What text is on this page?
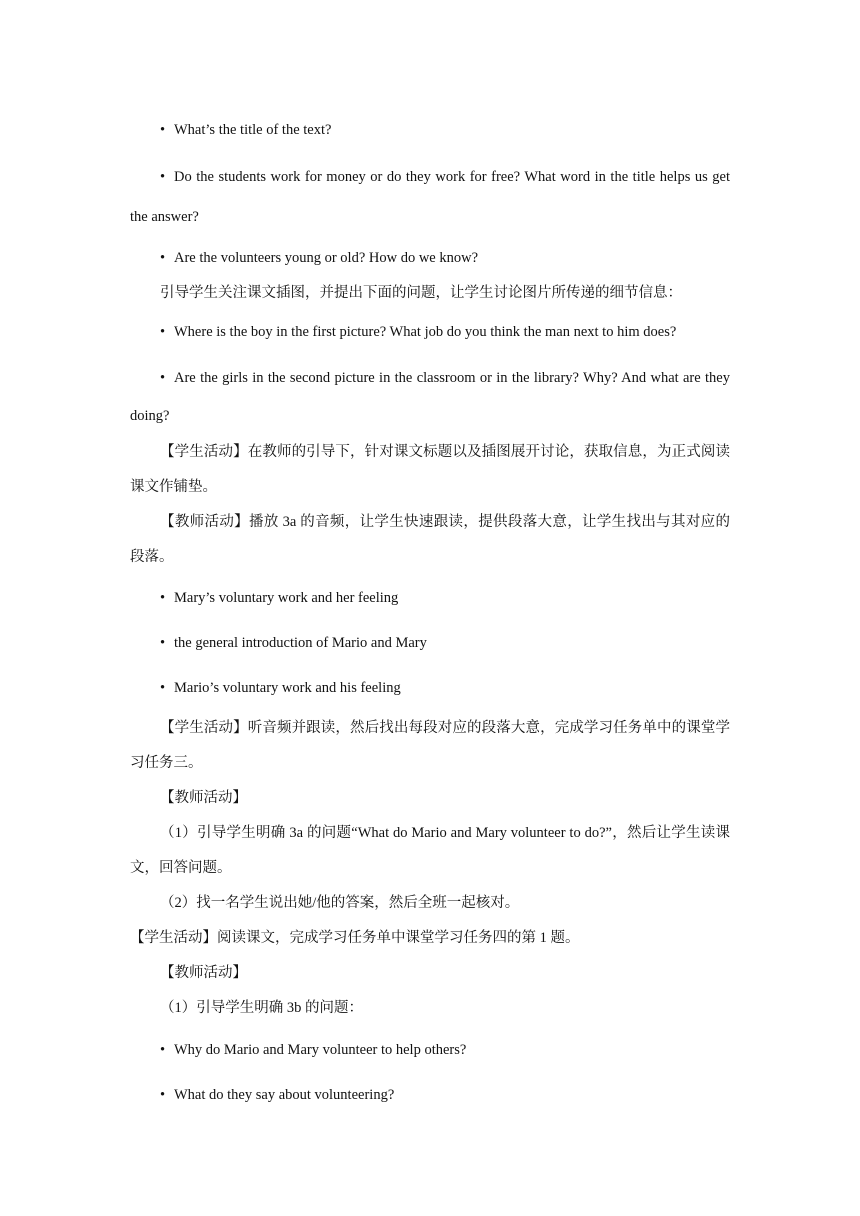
• What’s the title of the text?
• Do the students work for money or do they work for free? What word in the title helps us get the answer?
• Are the volunteers young or old? How do we know?
引导学生关注课文插图，并提出下面的问题，让学生讨论图片所传递的细节信息：
• Where is the boy in the first picture? What job do you think the man next to him does?
• Are the girls in the second picture in the classroom or in the library? Why? And what are they doing?
【学生活动】在教师的引导下，针对课文标题以及插图展开讨论，获取信息，为正式阅读课文作铺垫。
【教师活动】播放 3a 的音频，让学生快速跟读，提供段落大意，让学生找出与其对应的段落。
• Mary’s voluntary work and her feeling
• the general introduction of Mario and Mary
• Mario’s voluntary work and his feeling
【学生活动】听音频并跟读，然后找出每段对应的段落大意，完成学习任务单中的课堂学习任务三。
【教师活动】
（1）引导学生明确 3a 的问题“What do Mario and Mary volunteer to do?”，然后让学生读课文，回答问题。
（2）找一名学生说出她/他的答案，然后全班一起核对。
【学生活动】阅读课文，完成学习任务单中课堂学习任务四的第 1 题。
【教师活动】
（1）引导学生明确 3b 的问题：
• Why do Mario and Mary volunteer to help others?
• What do they say about volunteering?
